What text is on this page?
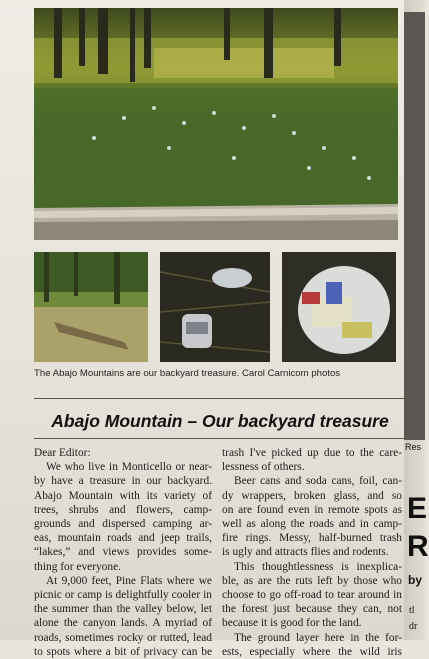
The Abajo Mountains are our backyard treasure. Carol Carnicom photos
Abajo Mountain – Our backyard treasure

Dear Editor:

We who live in Monticello or near-

by have a treasure in our backyard.

Abajo Mountain with its variety of

trees, shrubs and flowers, camp-

grounds and dispersed camping ar-

eas, mountain roads and jeep trails,

“lakes,” and views provides some-

thing for everyone.

At 9,000 feet, Pine Flats where we

picnic or camp is delightfully cooler in

the summer than the valley below, let

alone the canyon lands. A myriad of

roads, sometimes rocky or rutted, lead

to spots where a bit of privacy can be

trash I've picked up due to the care-

lessness of others.

Beer cans and soda cans, foil, can-

dy wrappers, broken glass, and so

on are found even in remote spots as

well as along the roads and in camp-

fire rings. Messy, half-burned trash

is ugly and attracts flies and rodents.

This thoughtlessness is inexplica-

ble, as are the ruts left by those who

choose to go off-road to tear around in

the forest just because they can, not

because it is good for the land.

The ground layer here in the for-

ests, especially where the wild iris

Res
E
R
by
tl
dr
